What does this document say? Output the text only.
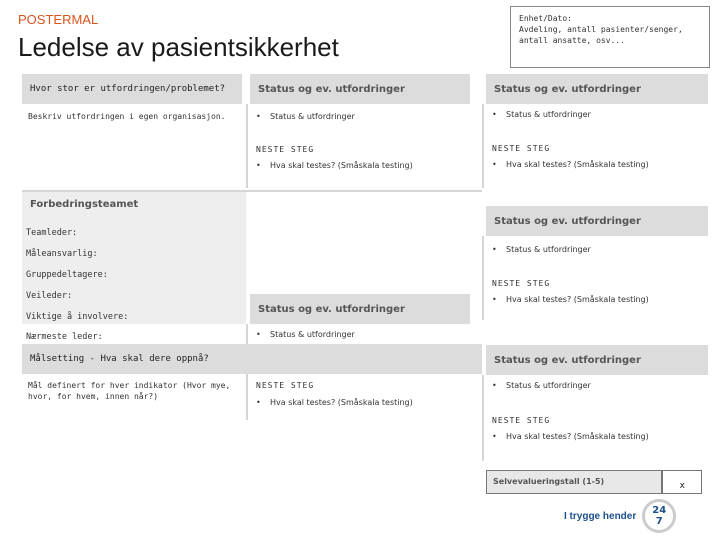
POSTERMAL
Ledelse av pasientsikkerhet
Enhet/Dato:
Avdeling, antall pasienter/senger,
antall ansatte, osv...
Hvor stor er utfordringen/problemet?
Beskriv utfordringen i egen organisasjon.
Status og ev. utfordringer
• Status & utfordringer
NESTE STEG
• Hva skal testes? (Småskala testing)
Status og ev. utfordringer
• Status & utfordringer
NESTE STEG
• Hva skal testes? (Småskala testing)
Forbedringsteamet
Teamleder:
Måleansvarlig:
Gruppedeltagere:
Veileder:
Viktige å involvere:
Nærmeste leder:
Status og ev. utfordringer
• Status & utfordringer
NESTE STEG
• Hva skal testes? (Småskala testing)
Status og ev. utfordringer
• Status & utfordringer
NESTE STEG
• Hva skal testes? (Småskala testing)
Målsetting - Hva skal dere oppnå?
Mål definert for hver indikator (Hvor mye,
hvor, for hvem, innen når?)
Status og ev. utfordringer
• Status & utfordringer
NESTE STEG
• Hva skal testes? (Småskala testing)
Selvevalueringstall (1-5)	x
I trygge hender 24
7
